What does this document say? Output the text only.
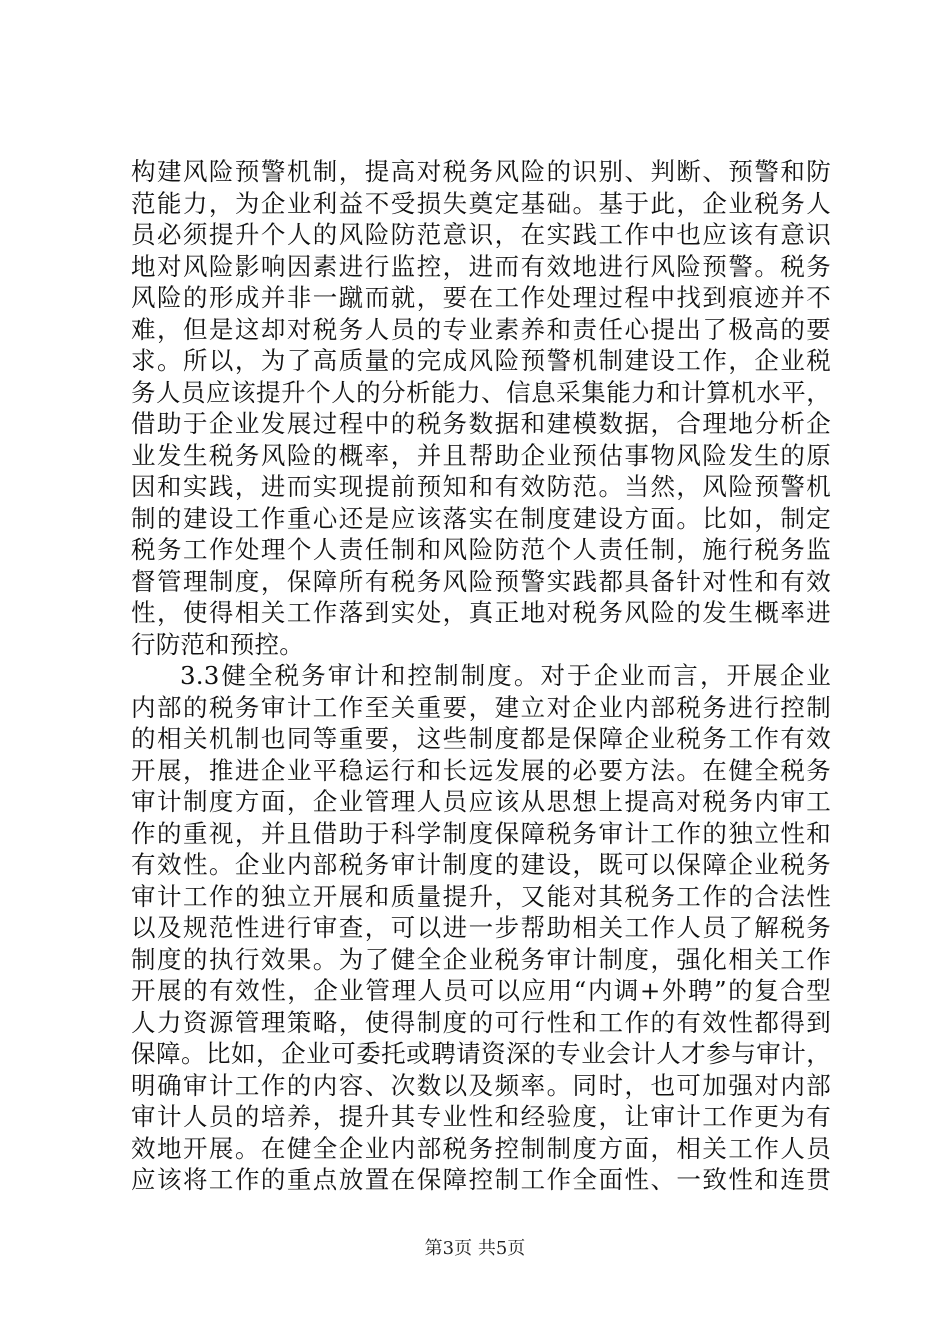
构建风险预警机制，提高对税务风险的识别、判断、预警和防
范能力，为企业利益不受损失奠定基础。基于此，企业税务人
员必须提升个人的风险防范意识，在实践工作中也应该有意识
地对风险影响因素进行监控，进而有效地进行风险预警。税务
风险的形成并非一蹴而就，要在工作处理过程中找到痕迹并不
难，但是这却对税务人员的专业素养和责任心提出了极高的要
求。所以，为了高质量的完成风险预警机制建设工作，企业税
务人员应该提升个人的分析能力、信息采集能力和计算机水平，
借助于企业发展过程中的税务数据和建模数据，合理地分析企
业发生税务风险的概率，并且帮助企业预估事物风险发生的原
因和实践，进而实现提前预知和有效防范。当然，风险预警机
制的建设工作重心还是应该落实在制度建设方面。比如，制定
税务工作处理个人责任制和风险防范个人责任制，施行税务监
督管理制度，保障所有税务风险预警实践都具备针对性和有效
性，使得相关工作落到实处，真正地对税务风险的发生概率进
行防范和预控。
3.3健全税务审计和控制制度。对于企业而言，开展企业
内部的税务审计工作至关重要，建立对企业内部税务进行控制
的相关机制也同等重要，这些制度都是保障企业税务工作有效
开展，推进企业平稳运行和长远发展的必要方法。在健全税务
审计制度方面，企业管理人员应该从思想上提高对税务内审工
作的重视，并且借助于科学制度保障税务审计工作的独立性和
有效性。企业内部税务审计制度的建设，既可以保障企业税务
审计工作的独立开展和质量提升，又能对其税务工作的合法性
以及规范性进行审查，可以进一步帮助相关工作人员了解税务
制度的执行效果。为了健全企业税务审计制度，强化相关工作
开展的有效性，企业管理人员可以应用“内调+外聘”的复合型
人力资源管理策略，使得制度的可行性和工作的有效性都得到
保障。比如，企业可委托或聘请资深的专业会计人才参与审计，
明确审计工作的内容、次数以及频率。同时，也可加强对内部
审计人员的培养，提升其专业性和经验度，让审计工作更为有
效地开展。在健全企业内部税务控制制度方面，相关工作人员
应该将工作的重点放置在保障控制工作全面性、一致性和连贯
第3页 共5页
